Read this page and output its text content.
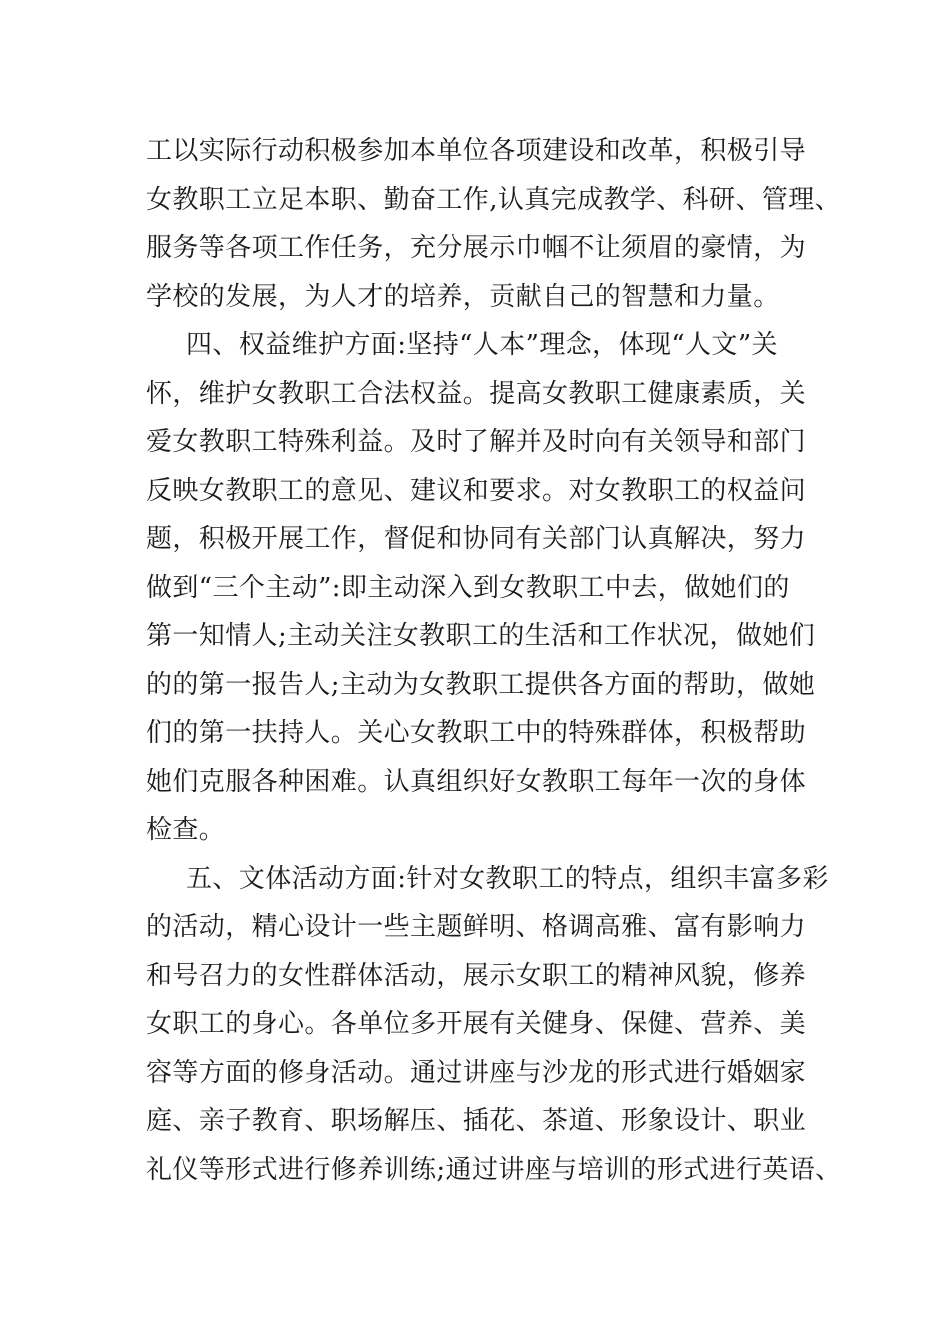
工以实际行动积极参加本单位各项建设和改革，积极引导
女教职工立足本职、勤奋工作,认真完成教学、科研、管理、
服务等各项工作任务，充分展示巾帼不让须眉的豪情，为
学校的发展，为人才的培养，贡献自己的智慧和力量。
四、权益维护方面:坚持“人本”理念，体现“人文”关
怀，维护女教职工合法权益。提高女教职工健康素质，关
爱女教职工特殊利益。及时了解并及时向有关领导和部门
反映女教职工的意见、建议和要求。对女教职工的权益问
题，积极开展工作，督促和协同有关部门认真解决，努力
做到“三个主动”:即主动深入到女教职工中去，做她们的
第一知情人;主动关注女教职工的生活和工作状况，做她们
的的第一报告人;主动为女教职工提供各方面的帮助，做她
们的第一扶持人。关心女教职工中的特殊群体，积极帮助
她们克服各种困难。认真组织好女教职工每年一次的身体
检查。
五、文体活动方面:针对女教职工的特点，组织丰富多彩
的活动，精心设计一些主题鲜明、格调高雅、富有影响力
和号召力的女性群体活动，展示女职工的精神风貌，修养
女职工的身心。各单位多开展有关健身、保健、营养、美
容等方面的修身活动。通过讲座与沙龙的形式进行婚姻家
庭、亲子教育、职场解压、插花、茶道、形象设计、职业
礼仪等形式进行修养训练;通过讲座与培训的形式进行英语、
